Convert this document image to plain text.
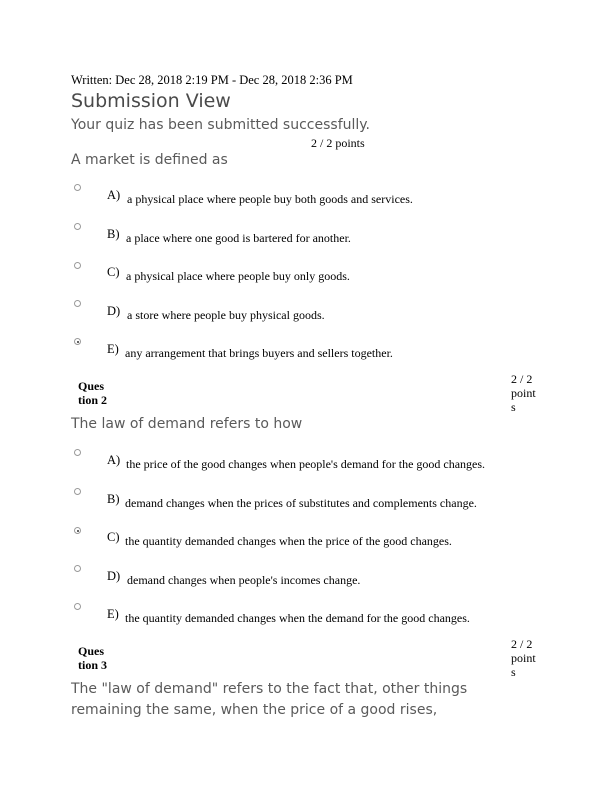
Written: Dec 28, 2018 2:19 PM - Dec 28, 2018 2:36 PM
Submission View
Your quiz has been submitted successfully.
2 / 2 points
A market is defined as
A) a physical place where people buy both goods and services.
B) a place where one good is bartered for another.
C) a physical place where people buy only goods.
D) a store where people buy physical goods.
E) any arrangement that brings buyers and sellers together.
Ques
tion 2
2 / 2
point
s
The law of demand refers to how
A) the price of the good changes when people's demand for the good changes.
B) demand changes when the prices of substitutes and complements change.
C) the quantity demanded changes when the price of the good changes.
D) demand changes when people's incomes change.
E) the quantity demanded changes when the demand for the good changes.
Ques
tion 3
2 / 2
point
s
The "law of demand" refers to the fact that, other things remaining the same, when the price of a good rises,
